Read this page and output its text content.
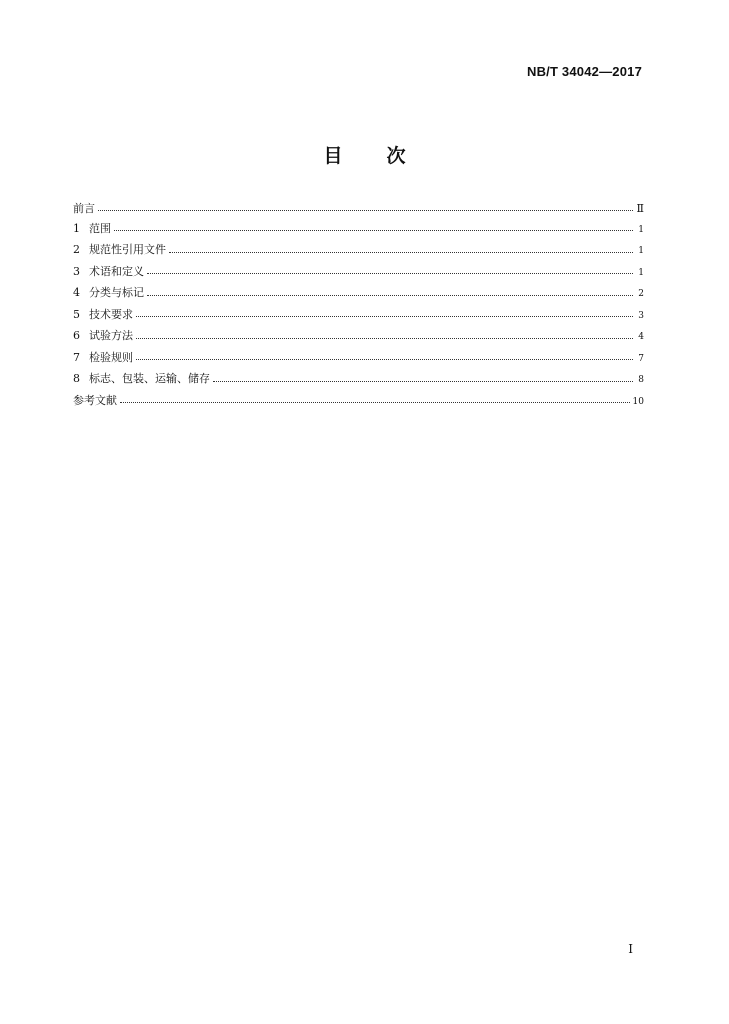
NB/T 34042—2017
目 次
前言	Ⅱ
1 范围	1
2 规范性引用文件	1
3 术语和定义	1
4 分类与标记	2
5 技术要求	3
6 试验方法	4
7 检验规则	7
8 标志、包装、运输、储存	8
参考文献	10
I
